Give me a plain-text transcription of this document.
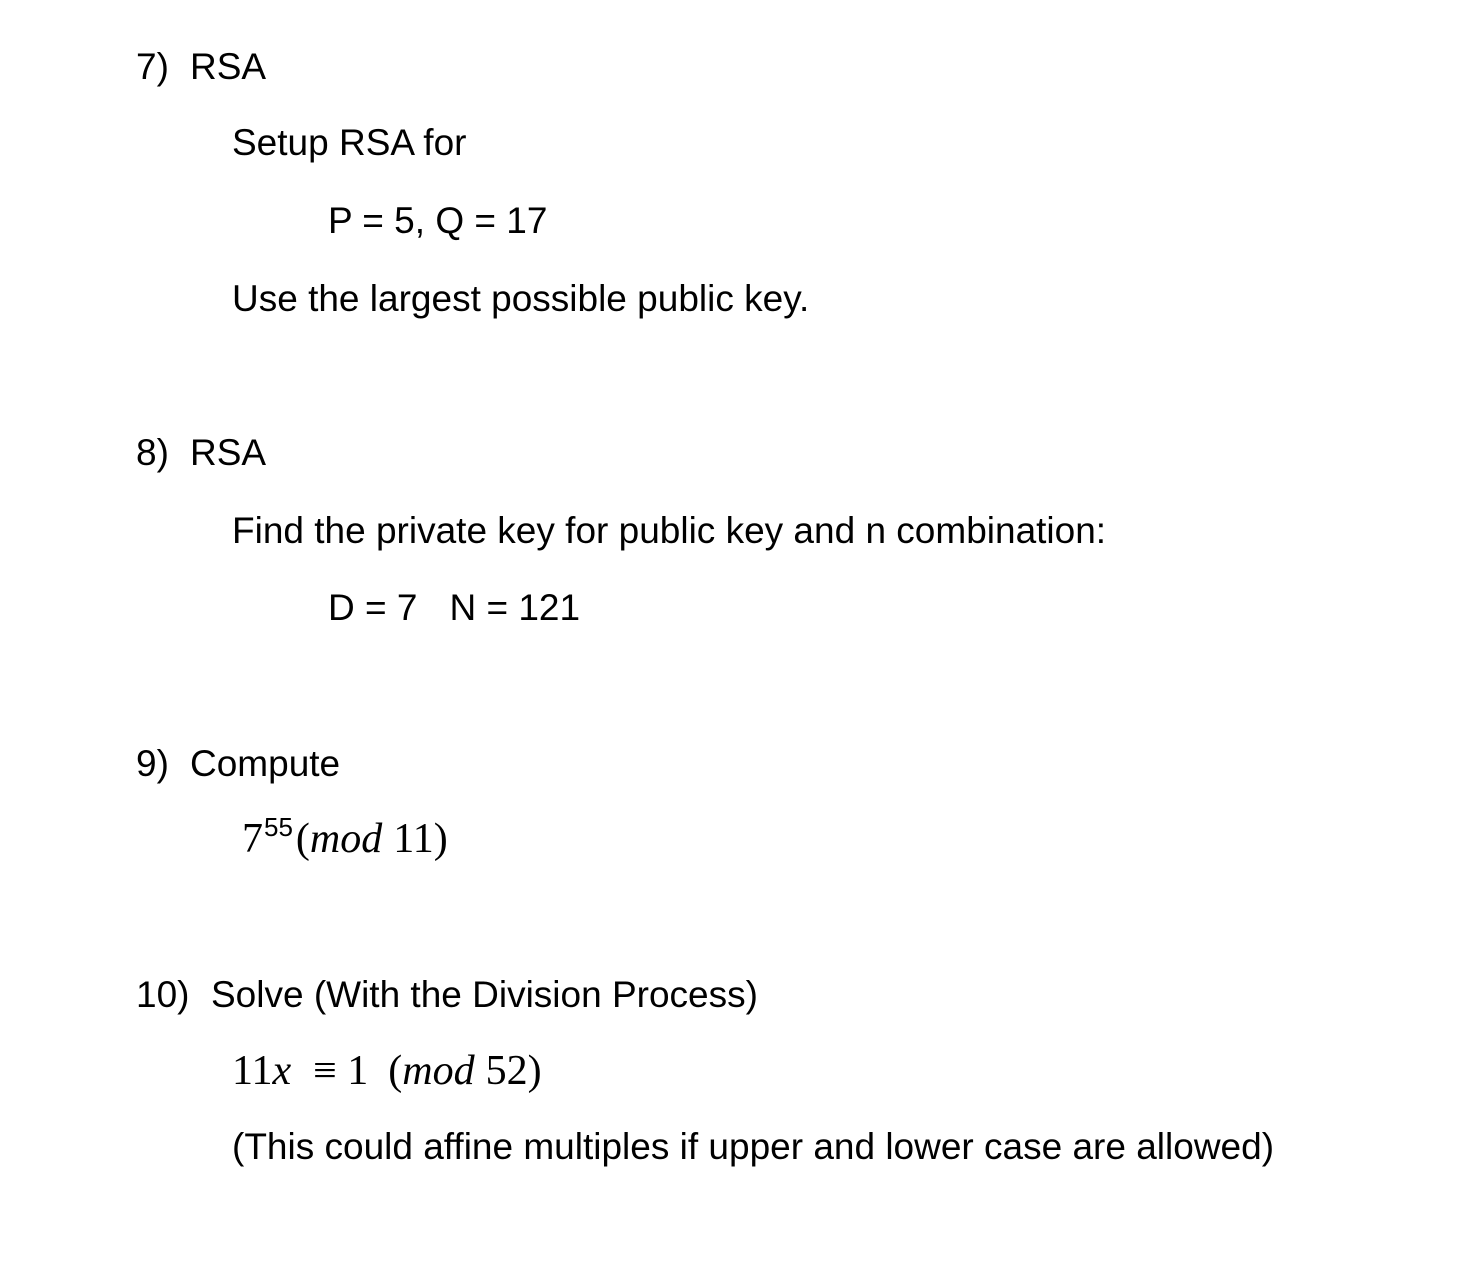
7) RSA
Setup RSA for
P = 5, Q = 17
Use the largest possible public key.
8) RSA
Find the private key for public key and n combination:
D = 7 N = 121
9) Compute
$7^{55}(mod$ 11)
10) Solve (With the Division Process)
11x ≡ 1 (mod 52)
(This could affine multiples if upper and lower case are allowed)
